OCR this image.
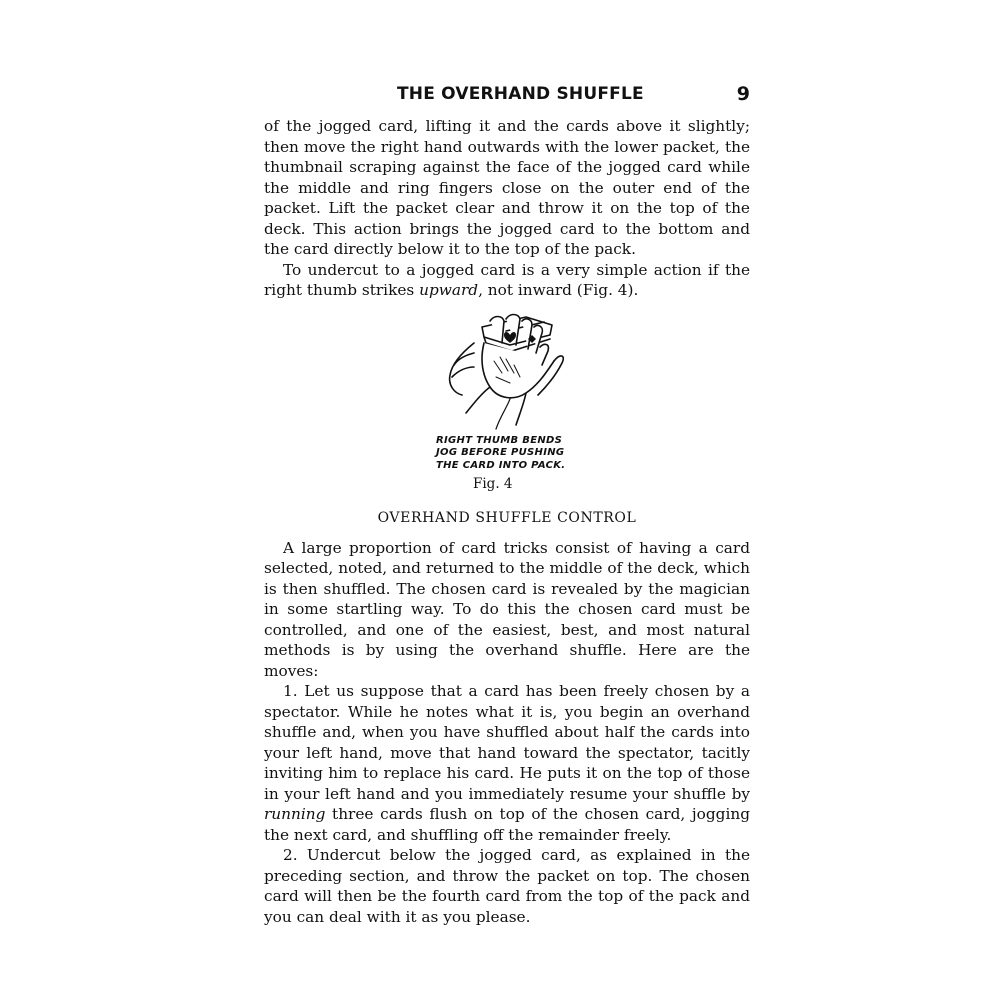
THE OVERHAND SHUFFLE	9

of the jogged card, lifting it and the cards above it slightly; then move the right hand outwards with the lower packet, the thumbnail scraping against the face of the jogged card while the middle and ring fingers close on the outer end of the packet. Lift the packet clear and throw it on the top of the deck. This action brings the jogged card to the bottom and the card directly below it to the top of the pack.

To undercut to a jogged card is a very simple action if the right thumb strikes upward, not inward (Fig. 4).

RIGHT THUMB BENDS
JOG BEFORE PUSHING
THE CARD INTO PACK.
Fig. 4
OVERHAND SHUFFLE CONTROL

A large proportion of card tricks consist of having a card selected, noted, and returned to the middle of the deck, which is then shuffled. The chosen card is revealed by the magician in some startling way. To do this the chosen card must be controlled, and one of the easiest, best, and most natural methods is by using the overhand shuffle. Here are the moves:

1. Let us suppose that a card has been freely chosen by a spectator. While he notes what it is, you begin an overhand shuffle and, when you have shuffled about half the cards into your left hand, move that hand toward the spectator, tacitly inviting him to replace his card. He puts it on the top of those in your left hand and you immediately resume your shuffle by running three cards flush on top of the chosen card, jogging the next card, and shuffling off the remainder freely.

2. Undercut below the jogged card, as explained in the preceding section, and throw the packet on top. The chosen card will then be the fourth card from the top of the pack and you can deal with it as you please.
